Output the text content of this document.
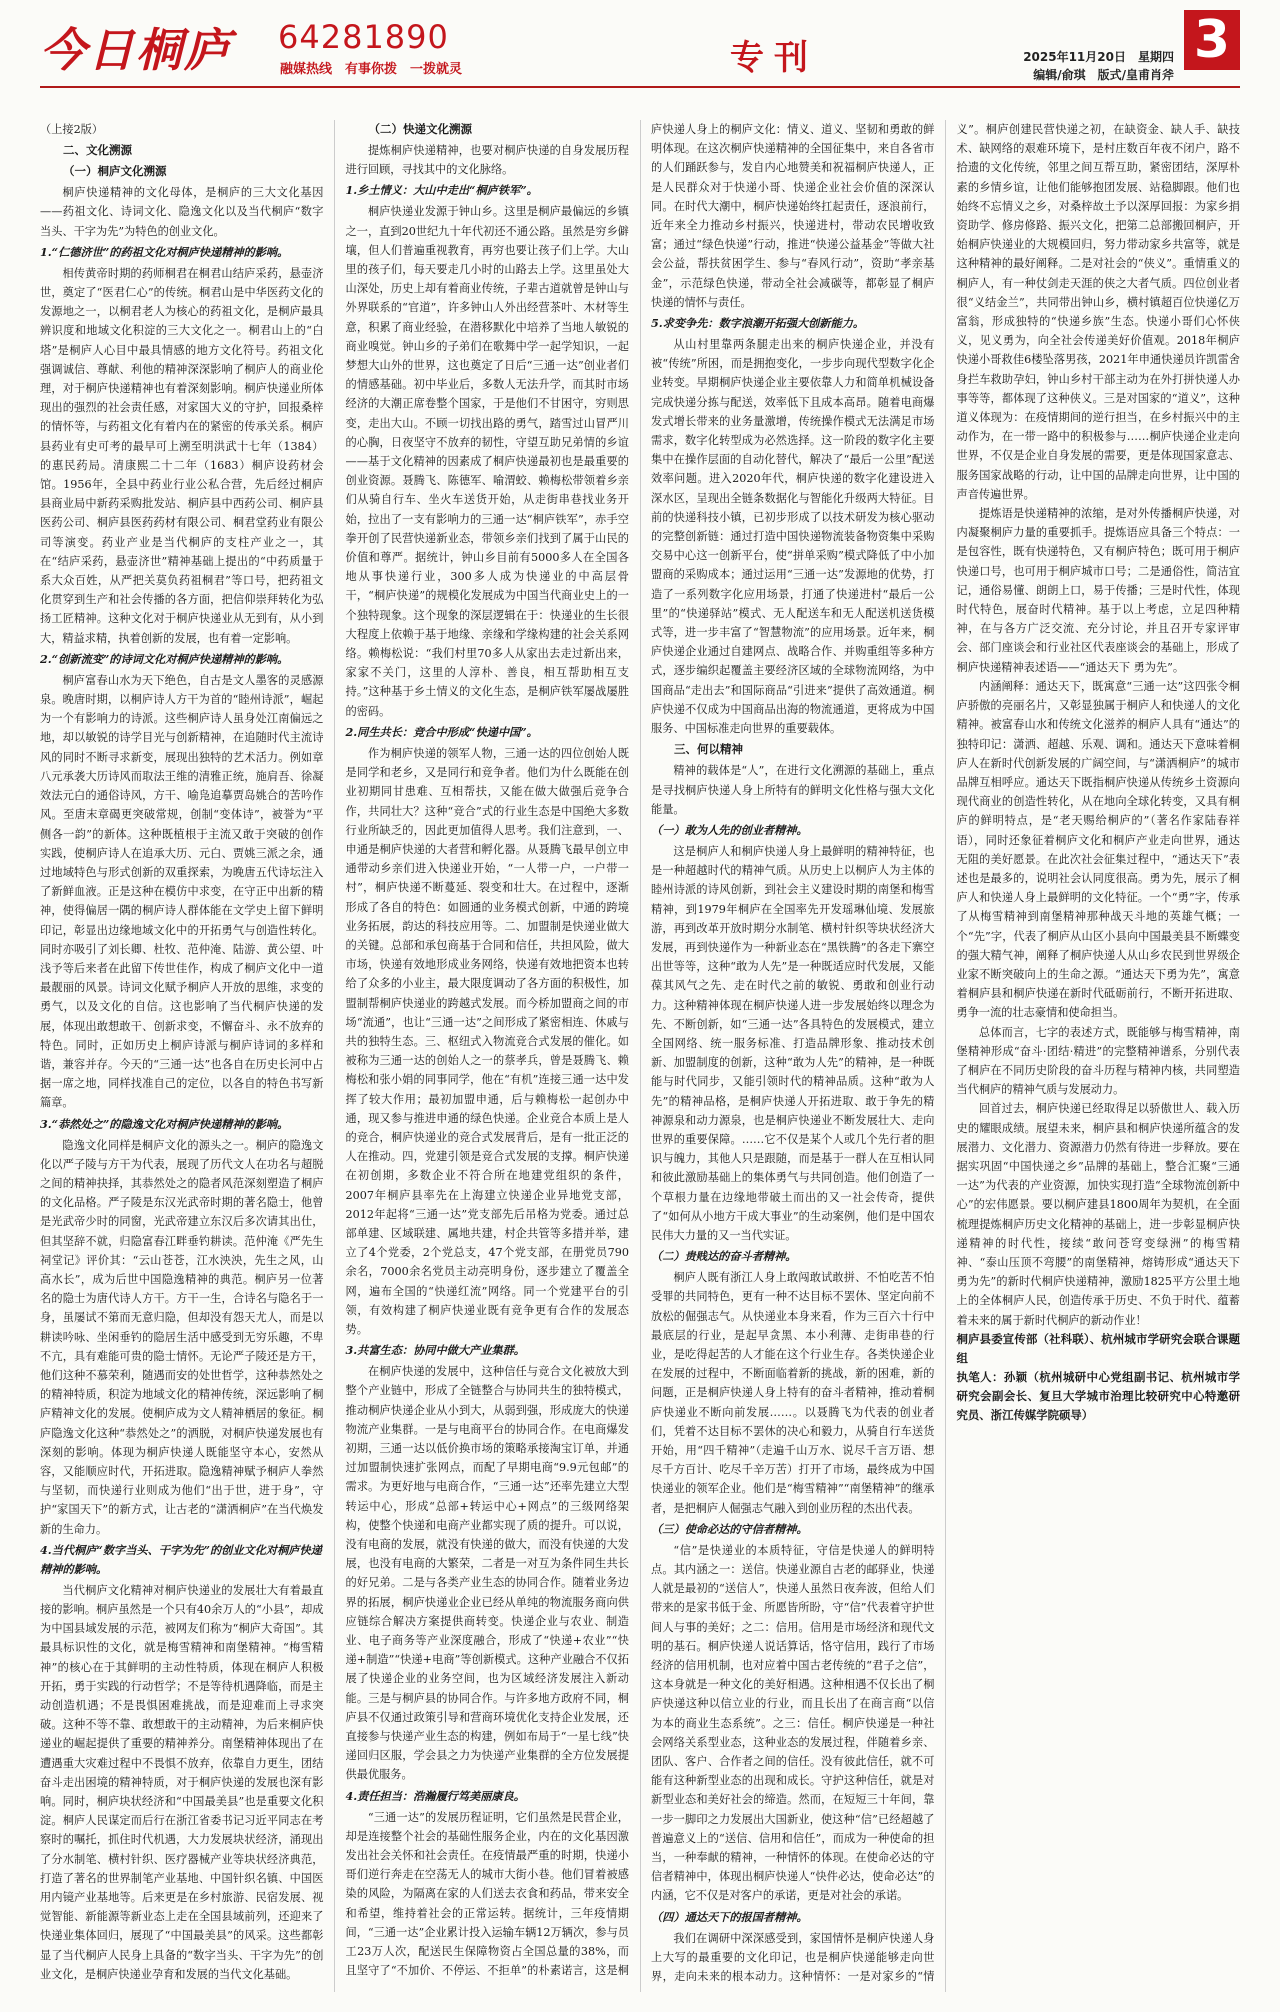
今日桐庐 64281890
融媒热线　有事你拨　一拨就灵	专刊	2025年11月20日　星期四
编辑/俞琪　版式/皇甫肖斧
3

（上接2版）

二、文化溯源
（一）桐庐文化溯源

桐庐快递精神的文化母体，是桐庐的三大文化基因——药祖文化、诗词文化、隐逸文化以及当代桐庐“数字当头、干字为先”为特色的创业文化。

1.“仁德济世”的药祖文化对桐庐快递精神的影响。

相传黄帝时期的药师桐君在桐君山结庐采药，悬壶济世，奠定了“医君仁心”的传统。桐君山是中华医药文化的发源地之一，以桐君老人为核心的药祖文化，是桐庐最具辨识度和地域文化积淀的三大文化之一。桐君山上的“白塔”是桐庐人心目中最具情感的地方文化符号。药祖文化强调诚信、尊献、利他的精神深深影响了桐庐人的商业伦理，对于桐庐快递精神也有着深刻影响。桐庐快递业所体现出的强烈的社会责任感，对家国大义的守护，回报桑梓的情怀等，与药祖文化有着内在的紧密的传承关系。桐庐县药业有史可考的最早可上溯至明洪武十七年（1384）的惠民药局。清康熙二十二年（1683）桐庐设药材会馆。1956年，全县中药业行业公私合营，先后经过桐庐县商业局中新药采购批发站、桐庐县中西药公司、桐庐县医药公司、桐庐县医药药材有限公司、桐君堂药业有限公司等演变。药业产业是当代桐庐的支柱产业之一，其在“结庐采药，悬壶济世”精神基础上提出的“中药质量于系大众百姓，从严把关莫负药祖桐君”等口号，把药祖文化贯穿到生产和社会传播的各方面，把信仰崇拜转化为弘扬工匠精神。这种文化对于桐庐快递业从无到有，从小到大，精益求精，执着创新的发展，也有着一定影响。

2.“创新流变”的诗词文化对桐庐快递精神的影响。

桐庐富春山水为天下绝色，自古是文人墨客的灵感源泉。晚唐时期，以桐庐诗人方干为首的“睦州诗派”，崛起为一个有影响力的诗派。这些桐庐诗人虽身处江南偏远之地，却以敏锐的诗学目光与创新精神，在追随时代主流诗风的同时不断寻求新变，展现出独特的艺术活力。例如章八元承袭大历诗风而取法王维的清雅正统，施肩吾、徐凝效法元白的通俗诗风，方干、喻凫追摹贾岛姚合的苦吟作风。至唐末章碣更突破常规，创制“变体诗”，被誉为“平侧各一韵”的新体。这种既植根于主流又敢于突破的创作实践，使桐庐诗人在追承大历、元白、贾姚三派之余，通过地域特色与形式创新的双重探索，为晚唐五代诗坛注入了新鲜血液。正是这种在模仿中求变，在守正中出新的精神，使得偏居一隅的桐庐诗人群体能在文学史上留下鲜明印记，彰显出边缘地域文化中的开拓勇气与创造性转化。同时亦吸引了刘长卿、杜牧、范仲淹、陆游、黄公望、叶浅予等后来者在此留下传世佳作，构成了桐庐文化中一道最靓丽的风景。诗词文化赋予桐庐人开放的思维，求变的勇气，以及文化的自信。这也影响了当代桐庐快递的发展，体现出敢想敢干、创新求变，不懈奋斗、永不放弃的特色。同时，正如历史上桐庐诗派与桐庐诗词的多样和谐，兼容并存。今天的“三通一达”也各自在历史长河中占据一席之地，同样找准自己的定位，以各自的特色书写新篇章。

3.“恭然处之”的隐逸文化对桐庐快递精神的影响。

隐逸文化同样是桐庐文化的源头之一。桐庐的隐逸文化以严子陵与方干为代表，展现了历代文人在功名与超脱之间的精神抉择，其恭然处之的隐者风范深刻塑造了桐庐的文化品格。严子陵是东汉光武帝时期的著名隐士，他曾是光武帝少时的同窗，光武帝建立东汉后多次请其出仕，但其坚辞不就，归隐富春江畔垂钓耕读。范仲淹《严先生祠堂记》评价其：“云山苍苍，江水泱泱，先生之风，山高水长”，成为后世中国隐逸精神的典范。桐庐另一位著名的隐士为唐代诗人方干。方干一生，合诗名与隐名于一身，虽屡试不第而无意归隐，但却没有怨天尤人，而是以耕读吟咏、坐闲垂钓的隐居生活中感受到无穷乐趣，不卑不亢，具有难能可贵的隐士情怀。无论严子陵还是方干，他们这种不慕荣利，随遇而安的处世哲学，这种恭然处之的精神特质，积淀为地域文化的精神传统，深远影响了桐庐精神文化的发展。使桐庐成为文人精神栖居的象征。桐庐隐逸文化这种“恭然处之”的洒脱，对桐庐快递发展也有深刻的影响。体现为桐庐快递人既能坚守本心，安然从容，又能顺应时代，开拓进取。隐逸精神赋予桐庐人拳然与坚韧，而快递行业则成为他们“出于世，进于身”，守护“家国天下”的新方式，让古老的“潇洒桐庐”在当代焕发新的生命力。

4.当代桐庐“数字当头、干字为先”的创业文化对桐庐快递精神的影响。

当代桐庐文化精神对桐庐快递业的发展壮大有着最直接的影响。桐庐虽然是一个只有40余万人的“小县”，却成为中国县域发展的示范，被网友们称为“桐庐大奇国”。其最具标识性的文化，就是梅雪精神和南堡精神。“梅雪精神”的核心在于其鲜明的主动性特质，体现在桐庐人积极开拓，勇于实践的行动哲学；不是等待机遇降临，而是主动创造机遇；不是畏惧困难挑战，而是迎难而上寻求突破。这种不等不靠、敢想敢干的主动精神，为后来桐庐快递业的崛起提供了重要的精神养分。南堡精神体现出了在遭遇重大灾难过程中不畏惧不放弃，依靠自力更生，团结奋斗走出困境的精神特质，对于桐庐快递的发展也深有影响。同时，桐庐块状经济和“中国最美县”也是重要文化积淀。桐庐人民谋定而后行在浙江省委书记习近平同志在考察时的嘱托，抓住时代机遇，大力发展块状经济，涌现出了分水制笔、横村针织、医疗器械产业等块状经济典范，打造了著名的世界制笔产业基地、中国针织名镇、中国医用内镜产业基地等。后来更是在乡村旅游、民宿发展、视觉智能、新能源等新业态上走在全国县域前列，还迎来了快递业集体回归，展现了“中国最美县”的风采。这些都彰显了当代桐庐人民身上具备的“数字当头、干字为先”的创业文化，是桐庐快递业孕育和发展的当代文化基础。

（二）快递文化溯源

提炼桐庐快递精神，也要对桐庐快递的自身发展历程进行回顾，寻找其中的文化脉络。

1.乡土情义：大山中走出“桐庐铁军”。

桐庐快递业发源于钟山乡。这里是桐庐最偏远的乡镇之一，直到20世纪九十年代初还不通公路。虽然是穷乡僻壤，但人们普遍重视教育，再穷也要让孩子们上学。大山里的孩子们，每天要走几小时的山路去上学。这里虽处大山深处，历史上却有着商业传统，子辈古道就曾是钟山与外界联系的“官道”，许多钟山人外出经营茶叶、木材等生意，积累了商业经验，在潜移默化中培养了当地人敏锐的商业嗅觉。钟山乡的子弟们在歌舞中学一起学知识，一起梦想大山外的世界，这也奠定了日后“三通一达”创业者们的情感基础。初中毕业后，多数人无法升学，而其时市场经济的大潮正席卷整个国家，于是他们不甘困守，穷则思变，走出大山。不顾一切找出路的勇气，踏雪过山冒严川的心胸，日夜坚守不放弃的韧性，守望互助兄弟情的乡谊——基于文化精神的因素成了桐庐快递最初也是最重要的创业资源。聂腾飞、陈德军、喻渭蛟、赖梅松带领着乡亲们从骑自行车、坐火车送货开始，从走街串巷找业务开始，拉出了一支有影响力的三通一达“桐庐铁军”，赤手空拳开创了民营快递新业态，带领乡亲们找到了属于山民的价值和尊严。据统计，钟山乡目前有5000多人在全国各地从事快递行业，300多人成为快递业的中高层骨干，“桐庐快递”的规模化发展成为中国当代商业史上的一个独特现象。这个现象的深层逻辑在于：快递业的生长很大程度上依赖于基于地缘、亲缘和学缘构建的社会关系网络。赖梅松说：“我们村里70多人从家出去走过新出来，家家不关门，这里的人淳朴、善良，相互帮助相互支持。”这种基于乡土情义的文化生态，是桐庐铁军屡战屡胜的密码。

2.同生共长：竞合中形成“快递中国”。

作为桐庐快递的领军人物，三通一达的四位创始人既是同学和老乡，又是同行和竞争者。他们为什么既能在创业初期同甘患难、互相帮扶，又能在做大做强后竞争合作，共同壮大？这种“竞合”式的行业生态是中国绝大多数行业所缺乏的，因此更加值得人思考。我们注意到，一、申通是桐庐快递的大者营和孵化器。从聂腾飞最早创立申通带动乡亲们进入快递业开始，“一人带一户，一户带一村”，桐庐快递不断蔓延、裂变和壮大。在过程中，逐渐形成了各自的特色：如圆通的业务模式创新，中通的跨境业务拓展，韵达的科技应用等。二、加盟制是快递业做大的关键。总部和承包商基于合同和信任，共担风险，做大市场，快递有效地形成业务网络，快递有效地把资本也转给了众多的小业主，最大限度调动了各方面的积极性，加盟制帮桐庐快递业的跨越式发展。而今桥加盟商之间的市场“流通”，也让“三通一达”之间形成了紧密相连、休戚与共的独特生态。三、枢纽式入物流竞合式发展的催化。如被称为三通一达的创始人之一的蔡孝兵，曾是聂腾飞、赖梅松和张小娟的同事同学，他在“有机”连接三通一达中发挥了较大作用；最初加盟申通，后与赖梅松一起创办中通，现又参与推进申通的绿色快递。企业竞合本质上是人的竞合，桐庐快递业的竞合式发展背后，是有一批正泛的人在推动。四，党建引领是竞合式发展的支撑。桐庐快递在初创期，多数企业不符合所在地建党组织的条件，2007年桐庐县率先在上海建立快递企业异地党支部，2012年起将“三通一达”党支部先后吊格为党委。通过总部单建、区域联建、属地共建，村企共管等多措并举，建立了4个党委，2个党总支，47个党支部，在册党员790余名，7000余名党员主动亮明身份，逐步建立了覆盖全网，遍布全国的“快递红流”网络。同一个党建平台的引领，有效构建了桐庐快递业既有竞争更有合作的发展态势。

3.共富生态：协同中做大产业集群。

在桐庐快递的发展中，这种信任与竞合文化被放大到整个产业链中，形成了全链整合与协同共生的独特模式，推动桐庐快递企业从小到大，从弱到强，形成庞大的快递物流产业集群。一是与电商平台的协同合作。在电商爆发初期，三通一达以低价换市场的策略承接淘宝订单，并通过加盟制快速扩张网点，而配了早期电商“9.9元包邮”的需求。为更好地与电商合作，“三通一达”还率先建立大型转运中心，形成“总部+转运中心+网点”的三级网络架构，使整个快递和电商产业都实现了质的提升。可以说，没有电商的发展，就没有快递的做大，而没有快递的大发展，也没有电商的大繁荣，二者是一对互为条件同生共长的好兄弟。二是与各类产业生态的协同合作。随着业务边界的拓展，桐庐快递业企业已经从单纯的物流服务商向供应链综合解决方案提供商转变。快递企业与农业、制造业、电子商务等产业深度融合，形成了“快递+农业”“快递+制造”“快递+电商”等创新模式。这种产业融合不仅拓展了快递企业的业务空间，也为区域经济发展注入新动能。三是与桐庐县的协同合作。与许多地方政府不同，桐庐县不仅通过政策引导和营商环境优化支持企业发展，还直接参与快递产业生态的构建，例如布局于“一星七线”快递回归区服，学会县之力为快递产业集群的全方位发展提供最优服务。

4.责任担当：浩瀚履行笃美丽康良。

“三通一达”的发展历程证明，它们虽然是民营企业，却是连接整个社会的基础性服务企业，内在的文化基因激发出社会关怀和社会责任。在疫情最严重的时期，快递小哥们逆行奔走在空荡无人的城市大街小巷。他们冒着被感染的风险，为隔离在家的人们送去衣食和药品，带来安全和希望，维持着社会的正常运转。据统计，三年疫情期间，“三通一达”企业累计投入运输车辆12万辆次，参与员工23万人次，配送民生保障物资占全国总量的38%，而且坚守了“不加价、不停运、不拒单”的朴素诺言，这是桐庐快递人身上的桐庐文化：情义、道义、坚韧和勇敢的鲜明体现。在这次桐庐快递精神的全国征集中，来自各省市的人们踊跃参与，发自内心地赞美和祝福桐庐快递人，正是人民群众对于快递小哥、快递企业社会价值的深深认同。在时代大潮中，桐庐快递始终扛起责任，逐浪前行，近年来全力推动乡村振兴，快递进村，带动农民增收致富；通过“绿色快递”行动，推进“快递公益基金”等做大社会公益，帮扶贫困学生、参与“春风行动”，资助“孝亲基金”，示范绿色快递，带动全社会减碳等，都彰显了桐庐快递的情怀与责任。

5.求变争先：数字浪潮开拓强大创新能力。

从山村里靠两条腿走出来的桐庐快递企业，并没有被“传统”所困，而是拥抱变化，一步步向现代型数字化企业转变。早期桐庐快递企业主要依靠人力和简单机械设备完成快递分拣与配送，效率低下且成本高昂。随着电商爆发式增长带来的业务量激增，传统操作模式无法满足市场需求，数字化转型成为必然选择。这一阶段的数字化主要集中在操作层面的自动化替代，解决了“最后一公里”配送效率问题。进入2020年代，桐庐快递的数字化建设进入深水区，呈现出全链条数据化与智能化升级两大特征。目前的快递科技小镇，已初步形成了以技术研发为核心驱动的完整创新链：通过打造中国快递物流装备物资集中采购交易中心这一创新平台，使“拼单采购”模式降低了中小加盟商的采购成本；通过运用“三通一达”发源地的优势，打造了一系列数字化应用场景，打通了快递进村“最后一公里”的“快递驿站”模式、无人配送车和无人配送机送货模式等，进一步丰富了“智慧物流”的应用场景。近年来，桐庐快递企业通过自建网点、战略合作、并购重组等多种方式，逐步编织起覆盖主要经济区域的全球物流网络，为中国商品“走出去”和国际商品“引进来”提供了高效通道。桐庐快递不仅成为中国商品出海的物流通道，更将成为中国服务、中国标准走向世界的重要载体。

三、何以精神

精神的载体是“人”，在进行文化溯源的基础上，重点是寻找桐庐快递人身上所特有的鲜明文化性格与强大文化能量。

（一）敢为人先的创业者精神。

这是桐庐人和桐庐快递人身上最鲜明的精神特征，也是一种超越时代的精神气质。从历史上以桐庐人为主体的睦州诗派的诗风创新，到社会主义建设时期的南堡和梅雪精神，到1979年桐庐在全国率先开发瑶琳仙境、发展旅游，再到改革开放时期分水制笔、横村针织等块状经济大发展，再到快递作为一种新业态在“黑铁腾”的各走下寨空出世等等，这种“敢为人先”是一种既适应时代发展，又能葆其风气之先、走在时代之前的敏锐、勇敢和创业行动力。这种精神体现在桐庐快递人进一步发展始终以理念为先、不断创新，如“三通一达”各具特色的发展模式，建立全国网络、统一服务标准、打造品牌形象、推动技术创新、加盟制度的创新，这种“敢为人先”的精神，是一种既能与时代同步，又能引领时代的精神品质。这种“敢为人先”的精神品格，是桐庐快递人开拓进取、敢于争先的精神源泉和动力源泉，也是桐庐快递业不断发展壮大、走向世界的重要保障。……它不仅是某个人或几个先行者的胆识与魄力，其他人只是跟随，而是基于一群人在互相认同和彼此激励基础上的集体勇气与共同创造。他们创造了一个草根力量在边缘地带破土而出的又一社会传奇，提供了“如何从小地方干成大事业”的生动案例，他们是中国农民伟大力量的又一当代实证。

（二）贵贱达的奋斗者精神。

桐庐人既有浙江人身上敢闯敢试敢拼、不怕吃苦不怕受罪的共同特色，更有一种不达目标不罢休、坚定向前不放松的倔强志气。从快递业本身来看，作为三百六十行中最底层的行业，是起早贪黑、本小利薄、走街串巷的行业，是吃得起苦的人才能在这个行业生存。各类快递企业在发展的过程中，不断面临着新的挑战，新的困难，新的问题，正是桐庐快递人身上特有的奋斗者精神，推动着桐庐快递业不断向前发展……。以聂腾飞为代表的创业者们，凭着不达目标不罢休的决心和毅力，从骑自行车送货开始，用“四千精神”（走遍千山万水、说尽千言万语、想尽千方百计、吃尽千辛万苦）打开了市场，最终成为中国快递业的领军企业。他们是“梅雪精神”“南堡精神”的继承者，是把桐庐人倔强志气融入到创业历程的杰出代表。

（三）使命必达的守信者精神。

“信”是快递业的本质特征，守信是快递人的鲜明特点。其内涵之一：送信。快递业源自古老的邮驿业，快递人就是最初的“送信人”，快递人虽然日夜奔波，但给人们带来的是家书低于金、所愿皆所盼，守“信”代表着守护世间人与事的美好；之二：信用。信用是市场经济和现代文明的基石。桐庐快递人说话算话，恪守信用，践行了市场经济的信用机制，也对应着中国古老传统的“君子之信”，这本身就是一种文化的美好相遇。这种相遇不仅长出了桐庐快递这种以信立业的行业，而且长出了在商言商“以信为本的商业生态系统”。之三：信任。桐庐快递是一种社会网络关系型业态，这种业态的发展过程，伴随着乡亲、团队、客户、合作者之间的信任。没有彼此信任，就不可能有这种新型业态的出现和成长。守护这种信任，就是对新型业态和美好社会的缔造。然而，在短短三十年间，靠一步一脚印之力发展出大国新业，使这种“信”已经超越了普遍意义上的“送信、信用和信任”，而成为一种使命的担当，一种奉献的精神，一种情怀的体现。在使命必达的守信者精神中，体现出桐庐快递人“快件必达，使命必达”的内涵，它不仅是对客户的承诺，更是对社会的承诺。

（四）通达天下的报国者精神。

我们在调研中深深感受到，家国情怀是桐庐快递人身上大写的最重要的文化印记，也是桐庐快递能够走向世界，走向未来的根本动力。这种情怀：一是对家乡的“情义”。桐庐创建民营快递之初，在缺资金、缺人手、缺技术、缺网络的艰难环境下，是村庄数百年夜不闭户，路不拾遗的文化传统，邻里之间互帮互助，紧密团结，深厚朴素的乡情乡谊，让他们能够抱团发展、站稳脚跟。他们也始终不忘情义之乡，对桑梓故土予以深厚回报：为家乡捐资助学、修房修路、振兴文化，把第二总部搬回桐庐，开始桐庐快递业的大规模回归，努力带动家乡共富等，就是这种精神的最好阐释。二是对社会的“侠义”。重情重义的桐庐人，有一种仗剑走天涯的侠之大者气质。四位创业者很“义结金兰”，共同带出钟山乡，横村镇超百位快递亿万富翁，形成独特的“快递乡族”生态。快递小哥们心怀侠义，见义勇为，向全社会传递美好价值观。2018年桐庐快递小哥救佳6楼坠落男孩，2021年申通快递员许凯雷舍身拦车救助孕妇，钟山乡村干部主动为在外打拼快递人办事等等，都体现了这种侠义。三是对国家的“道义”，这种道义体现为：在疫情期间的逆行担当，在乡村振兴中的主动作为，在一带一路中的积极参与……桐庐快递企业走向世界，不仅是企业自身发展的需要，更是体现国家意志、服务国家战略的行动，让中国的品牌走向世界，让中国的声音传遍世界。

提炼语是快递精神的浓缩，是对外传播桐庐快递，对内凝聚桐庐力量的重要抓手。提炼语应具备三个特点：一是包容性，既有快递特色，又有桐庐特色；既可用于桐庐快递口号，也可用于桐庐城市口号；二是通俗性，简洁宜记，通俗易懂、朗朗上口，易于传播；三是时代性，体现时代特色，展奋时代精神。基于以上考虑，立足四种精神，在与各方广泛交流、充分讨论，并且召开专家评审会、部门座谈会和行业社区代表座谈会的基础上，形成了桐庐快递精神表述语——“通达天下 勇为先”。

内涵阐释：通达天下，既寓意“三通一达”这四张令桐庐骄傲的亮丽名片，又彰显独属于桐庐人和快递人的文化精神。被富春山水和传统文化滋养的桐庐人具有“通达”的独特印记：潇洒、超越、乐观、调和。通达天下意味着桐庐人在新时代创新发展的广阔空间，与“潇洒桐庐”的城市品牌互相呼应。通达天下既指桐庐快递从传统乡土资源向现代商业的创造性转化，从在地向全球化转变，又具有桐庐的鲜明特点，是“老天赐给桐庐的”（著名作家陆春祥语），同时还象征着桐庐文化和桐庐产业走向世界，通达无阻的美好愿景。在此次社会征集过程中，“通达天下”表述也是最多的，说明社会认同度很高。勇为先，展示了桐庐人和快递人身上最鲜明的文化特征。一个“勇”字，传承了从梅雪精神到南堡精神那种战天斗地的英雄气概；一个“先”字，代表了桐庐从山区小县向中国最美县不断蝶变的强大精气神，阐释了桐庐快递人从山乡农民到世界级企业家不断突破向上的生命之源。“通达天下勇为先”，寓意着桐庐县和桐庐快递在新时代砥砺前行，不断开拓进取、勇争一流的壮志豪情和使命担当。

总体而言，七字的表述方式，既能够与梅雪精神，南堡精神形成“奋斗·团结·精进”的完整精神谱系，分别代表了桐庐在不同历史阶段的奋斗历程与精神内核，共同塑造当代桐庐的精神气质与发展动力。

回首过去，桐庐快递已经取得足以骄傲世人、载入历史的耀眼成绩。展望未来，桐庐县和桐庐快递所蕴含的发展潜力、文化潜力、资源潜力仍然有待进一步释放。要在据实巩固“中国快递之乡”品牌的基础上，整合汇聚“三通一达”为代表的产业资源，加快实现打造“全球物流创新中心”的宏伟愿景。要以桐庐建县1800周年为契机，在全面梳理提炼桐庐历史文化精神的基础上，进一步彰显桐庐快递精神的时代性，接续“敢问苍穹变绿洲”的梅雪精神、“泰山压顶不弯腰”的南堡精神，熔铸形成“通达天下勇为先”的新时代桐庐快递精神，激励1825平方公里土地上的全体桐庐人民，创造传承于历史、不负于时代、蕴蓄着未来的属于新时代桐庐的新动作业！

桐庐县委宣传部（社科联）、杭州城市学研究会联合课题组

执笔人：孙颖（杭州城研中心党组副书记、杭州城市学研究会副会长、复旦大学城市治理比较研究中心特邀研究员、浙江传媒学院硕导）
